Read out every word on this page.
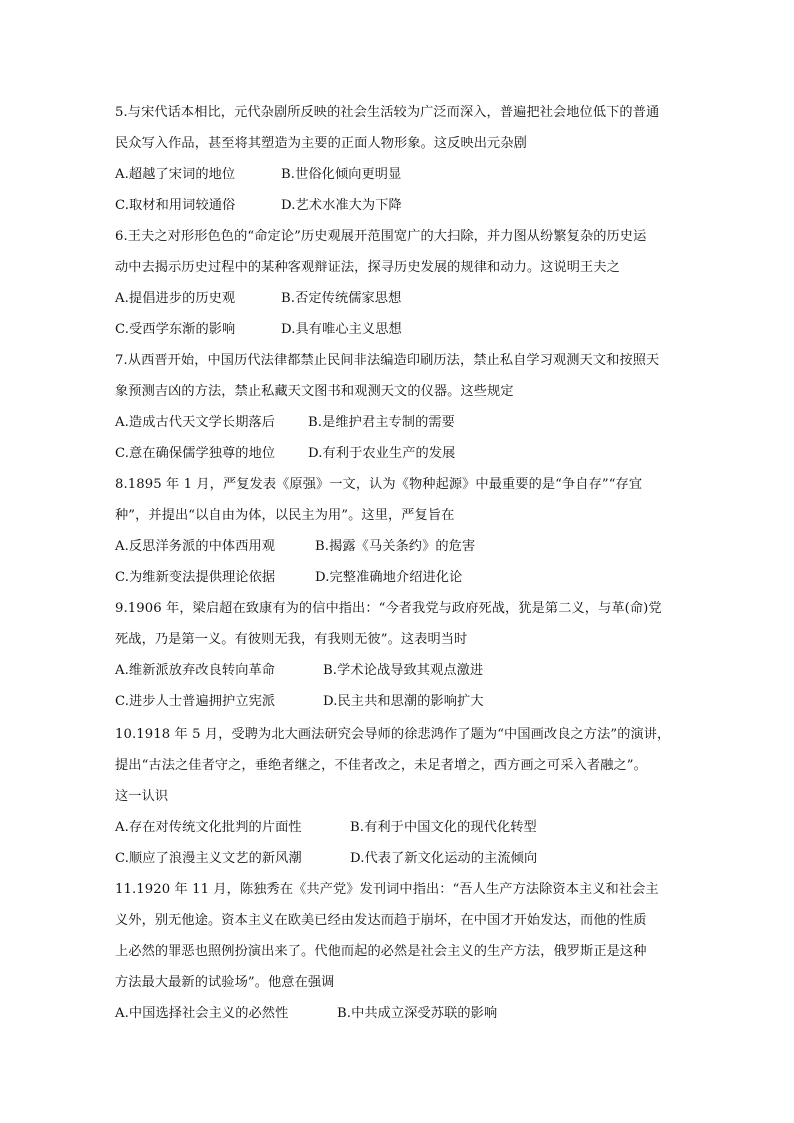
5.与宋代话本相比，元代杂剧所反映的社会生活较为广泛而深入，普遍把社会地位低下的普通
民众写入作品，甚至将其塑造为主要的正面人物形象。这反映出元杂剧
A.超越了宋词的地位	B.世俗化倾向更明显
C.取材和用词较通俗	D.艺术水准大为下降
6.王夫之对形形色色的“命定论”历史观展开范围宽广的大扫除，并力图从纷繁复杂的历史运
动中去揭示历史过程中的某种客观辩证法，探寻历史发展的规律和动力。这说明王夫之
A.提倡进步的历史观	B.否定传统儒家思想
C.受西学东渐的影响	D.具有唯心主义思想
7.从西晋开始，中国历代法律都禁止民间非法编造印刷历法，禁止私自学习观测天文和按照天
象预测吉凶的方法，禁止私藏天文图书和观测天文的仪器。这些规定
A.造成古代天文学长期落后	B.是维护君主专制的需要
C.意在确保儒学独尊的地位	D.有利于农业生产的发展
8.1895 年 1 月，严复发表《原强》一文，认为《物种起源》中最重要的是“争自存”“存宜
种”，并提出“以自由为体，以民主为用”。这里，严复旨在
A.反思洋务派的中体西用观	B.揭露《马关条约》的危害
C.为维新变法提供理论依据	D.完整准确地介绍进化论
9.1906 年，梁启超在致康有为的信中指出：“今者我党与政府死战，犹是第二义，与革(命)党
死战，乃是第一义。有彼则无我，有我则无彼”。这表明当时
A.维新派放弃改良转向革命	B.学术论战导致其观点激进
C.进步人士普遍拥护立宪派	D.民主共和思潮的影响扩大
10.1918 年 5 月，受聘为北大画法研究会导师的徐悲鸿作了题为“中国画改良之方法”的演讲，
提出“古法之佳者守之，垂绝者继之，不佳者改之，未足者增之，西方画之可采入者融之”。
这一认识
A.存在对传统文化批判的片面性	B.有利于中国文化的现代化转型
C.顺应了浪漫主义文艺的新风潮	D.代表了新文化运动的主流倾向
11.1920 年 11 月，陈独秀在《共产党》发刊词中指出：“吾人生产方法除资本主义和社会主
义外，别无他途。资本主义在欧美已经由发达而趋于崩坏，在中国才开始发达，而他的性质
上必然的罪恶也照例扮演出来了。代他而起的必然是社会主义的生产方法，俄罗斯正是这种
方法最大最新的试验场”。他意在强调
A.中国选择社会主义的必然性	B.中共成立深受苏联的影响
